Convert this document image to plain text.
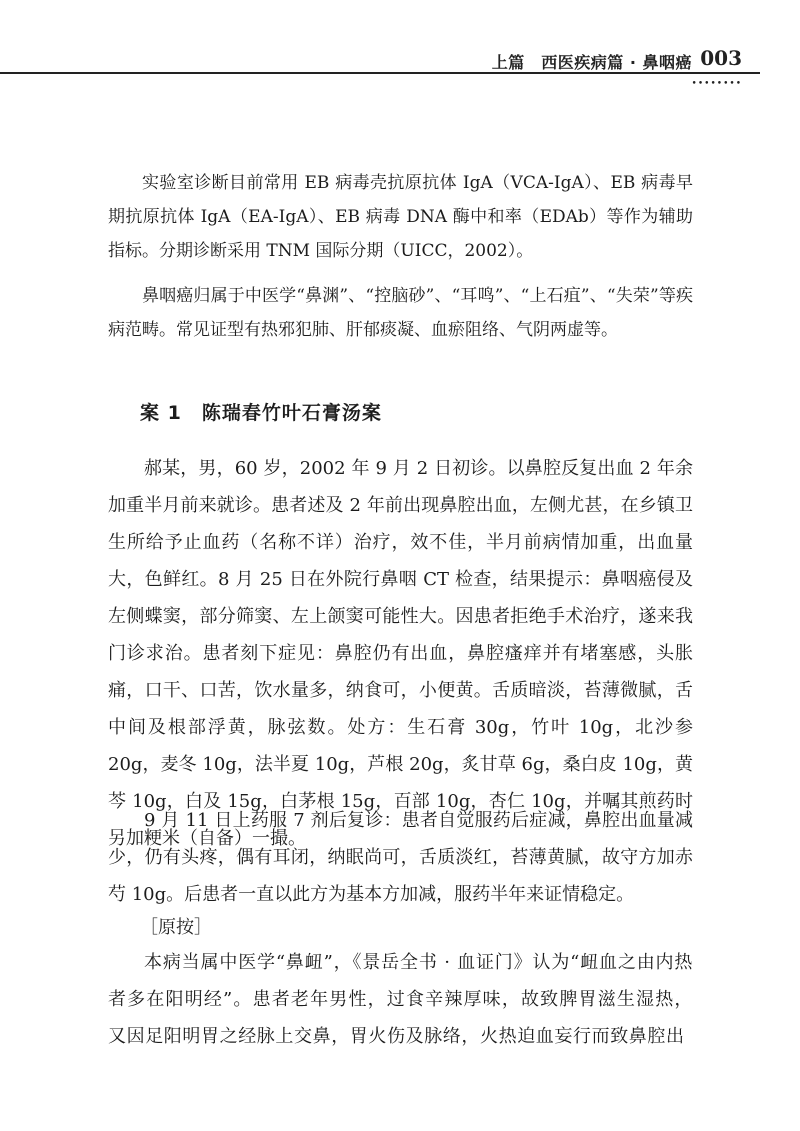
上篇　西医疾病篇 · 鼻咽癌 003
••••••••

实验室诊断目前常用 EB 病毒壳抗原抗体 IgA（VCA-IgA）、EB 病毒早期抗原抗体 IgA（EA-IgA）、EB 病毒 DNA 酶中和率（EDAb）等作为辅助指标。分期诊断采用 TNM 国际分期（UICC，2002）。

鼻咽癌归属于中医学“鼻渊”、“控脑砂”、“耳鸣”、“上石疽”、“失荣”等疾病范畴。常见证型有热邪犯肺、肝郁痰凝、血瘀阻络、气阴两虚等。

案 1　陈瑞春竹叶石膏汤案

郝某，男，60 岁，2002 年 9 月 2 日初诊。以鼻腔反复出血 2 年余加重半月前来就诊。患者述及 2 年前出现鼻腔出血，左侧尤甚，在乡镇卫生所给予止血药（名称不详）治疗，效不佳，半月前病情加重，出血量大，色鲜红。8 月 25 日在外院行鼻咽 CT 检查，结果提示：鼻咽癌侵及左侧蝶窦，部分筛窦、左上颌窦可能性大。因患者拒绝手术治疗，遂来我门诊求治。患者刻下症见：鼻腔仍有出血，鼻腔瘙痒并有堵塞感，头胀痛，口干、口苦，饮水量多，纳食可，小便黄。舌质暗淡，苔薄微腻，舌中间及根部浮黄，脉弦数。处方：生石膏 30g，竹叶 10g，北沙参 20g，麦冬 10g，法半夏 10g，芦根 20g，炙甘草 6g，桑白皮 10g，黄芩 10g，白及 15g，白茅根 15g，百部 10g，杏仁 10g，并嘱其煎药时另加粳米（自备）一撮。

9 月 11 日上药服 7 剂后复诊：患者自觉服药后症减，鼻腔出血量减少，仍有头疼，偶有耳闭，纳眠尚可，舌质淡红，苔薄黄腻，故守方加赤芍 10g。后患者一直以此方为基本方加减，服药半年来证情稳定。

［原按］

本病当属中医学“鼻衄”，《景岳全书 · 血证门》认为“衄血之由内热者多在阳明经”。患者老年男性，过食辛辣厚味，故致脾胃滋生湿热，又因足阳明胃之经脉上交鼻，胃火伤及脉络，火热迫血妄行而致鼻腔出
